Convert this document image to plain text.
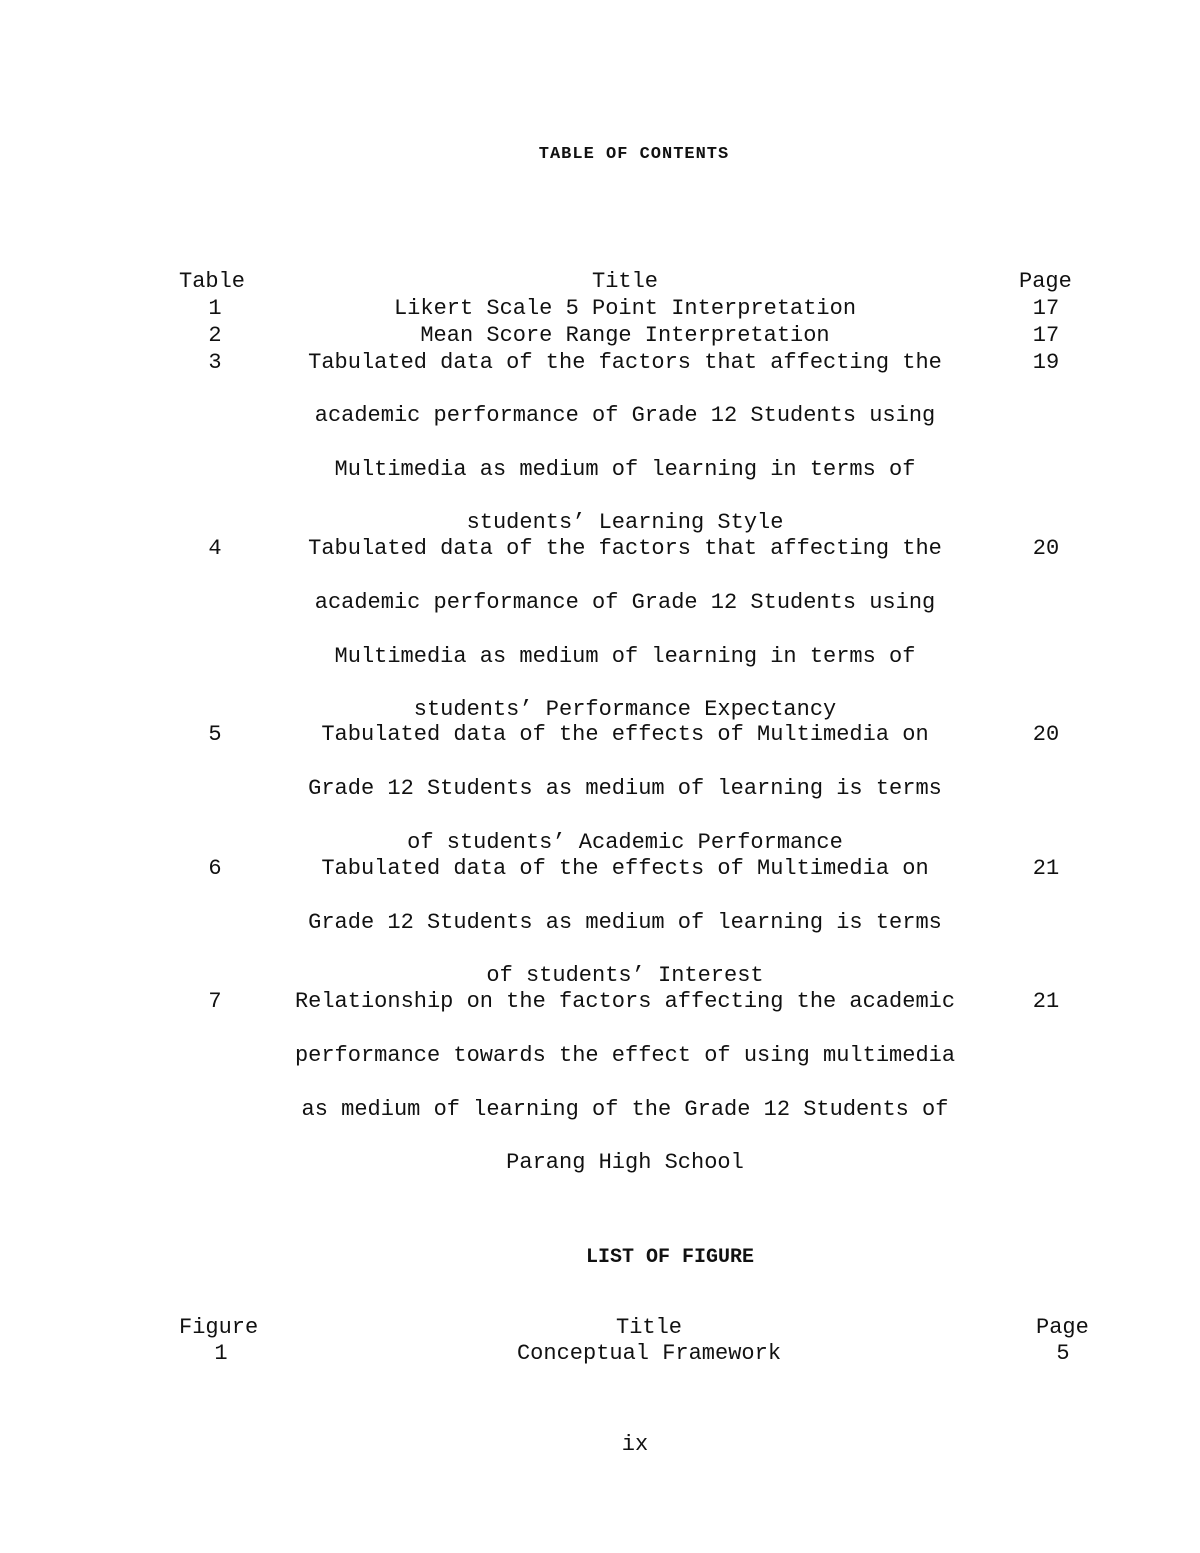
TABLE OF CONTENTS
Table	Title	Page
1	Likert Scale 5 Point Interpretation	17
2	Mean Score Range Interpretation	17
3	Tabulated data of the factors that affecting the
academic performance of Grade 12 Students using
Multimedia as medium of learning in terms of
students’ Learning Style
19
4	Tabulated data of the factors that affecting the
academic performance of Grade 12 Students using
Multimedia as medium of learning in terms of
students’ Performance Expectancy
20
5	Tabulated data of the effects of Multimedia on
Grade 12 Students as medium of learning is terms
of students’ Academic Performance
20
6	Tabulated data of the effects of Multimedia on
Grade 12 Students as medium of learning is terms
of students’ Interest
21
7	Relationship on the factors affecting the academic
performance towards the effect of using multimedia
as medium of learning of the Grade 12 Students of
Parang High School
21
LIST OF FIGURE
Figure	Title	Page
1	Conceptual Framework	5
ix
